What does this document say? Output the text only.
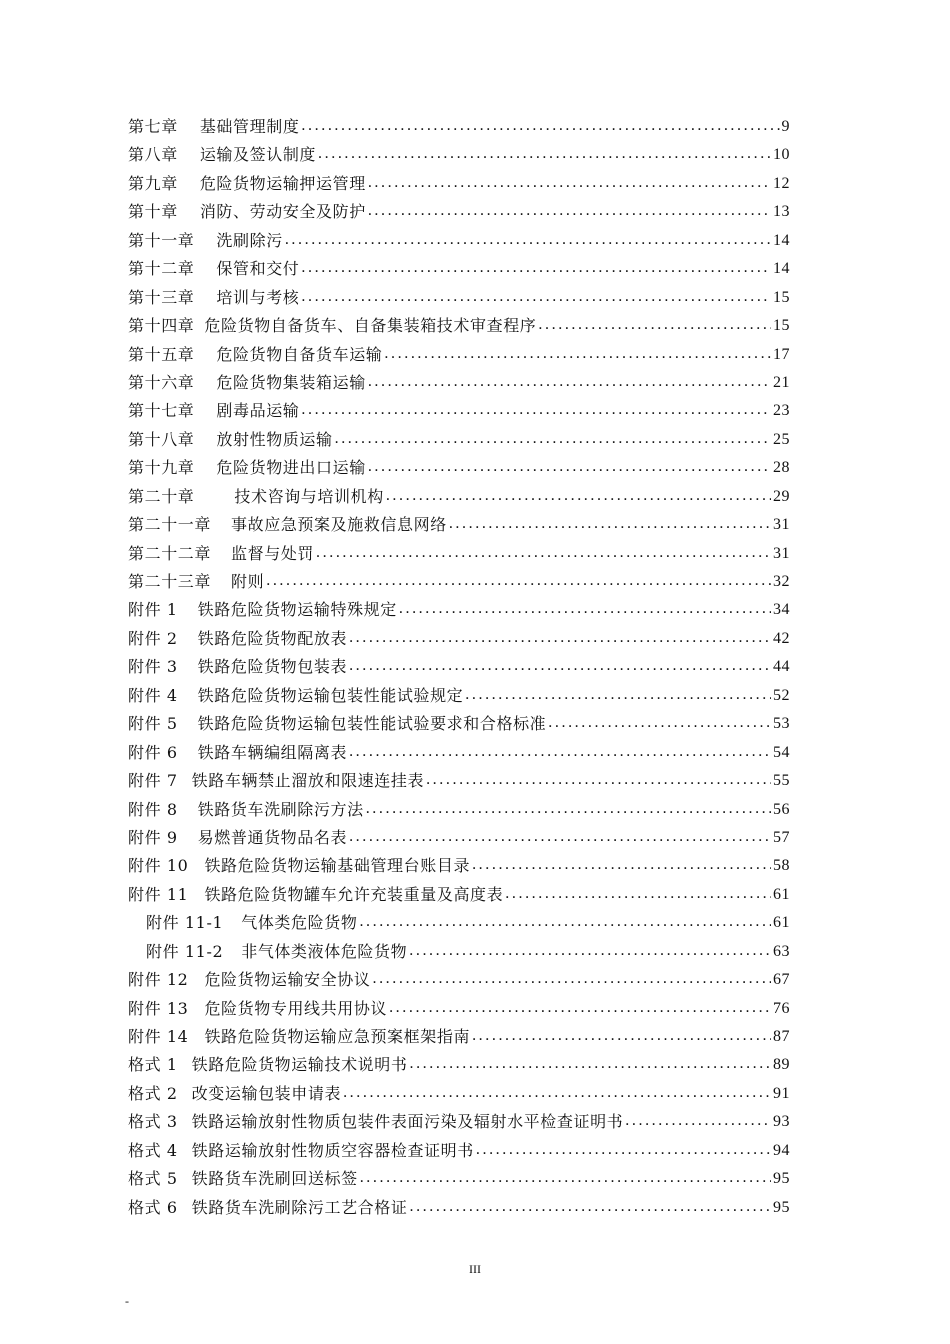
第七章 基础管理制度 .....	9
第八章 运输及签认制度 .....	10
第九章 危险货物运输押运管理 .....	12
第十章 消防、劳动安全及防护 .....	13
第十一章 洗刷除污 .....	14
第十二章 保管和交付 .....	14
第十三章 培训与考核 .....	15
第十四章 危险货物自备货车、自备集装箱技术审查程序 .....	15
第十五章 危险货物自备货车运输 .....	17
第十六章 危险货物集装箱运输 .....	21
第十七章 剧毒品运输 .....	23
第十八章 放射性物质运输 .....	25
第十九章 危险货物进出口运输 .....	28
第二十章	技术咨询与培训机构 .....	29
第二十一章 事故应急预案及施救信息网络 .....	31
第二十二章 监督与处罚 .....	31
第二十三章 附则 .....	32
附件 1 铁路危险货物运输特殊规定 .....	34
附件 2 铁路危险货物配放表 .....	42
附件 3 铁路危险货物包装表 .....	44
附件 4 铁路危险货物运输包装性能试验规定 .....	52
附件 5 铁路危险货物运输包装性能试验要求和合格标准 .....	53
附件 6 铁路车辆编组隔离表 .....	54
附件 7 铁路车辆禁止溜放和限速连挂表 .....	55
附件 8 铁路货车洗刷除污方法 .....	56
附件 9 易燃普通货物品名表 .....	57
附件 10 铁路危险货物运输基础管理台账目录 .....	58
附件 11 铁路危险货物罐车允许充装重量及高度表 .....	61
附件 11-1 气体类危险货物 .....	61
附件 11-2 非气体类液体危险货物 .....	63
附件 12 危险货物运输安全协议 .....	67
附件 13 危险货物专用线共用协议 .....	76
附件 14 铁路危险货物运输应急预案框架指南 .....	87
格式 1 铁路危险货物运输技术说明书 .....	89
格式 2 改变运输包装申请表 .....	91
格式 3 铁路运输放射性物质包装件表面污染及辐射水平检查证明书 .....	93
格式 4 铁路运输放射性物质空容器检查证明书 .....	94
格式 5 铁路货车洗刷回送标签 .....	95
格式 6 铁路货车洗刷除污工艺合格证 .....	95
III
-
